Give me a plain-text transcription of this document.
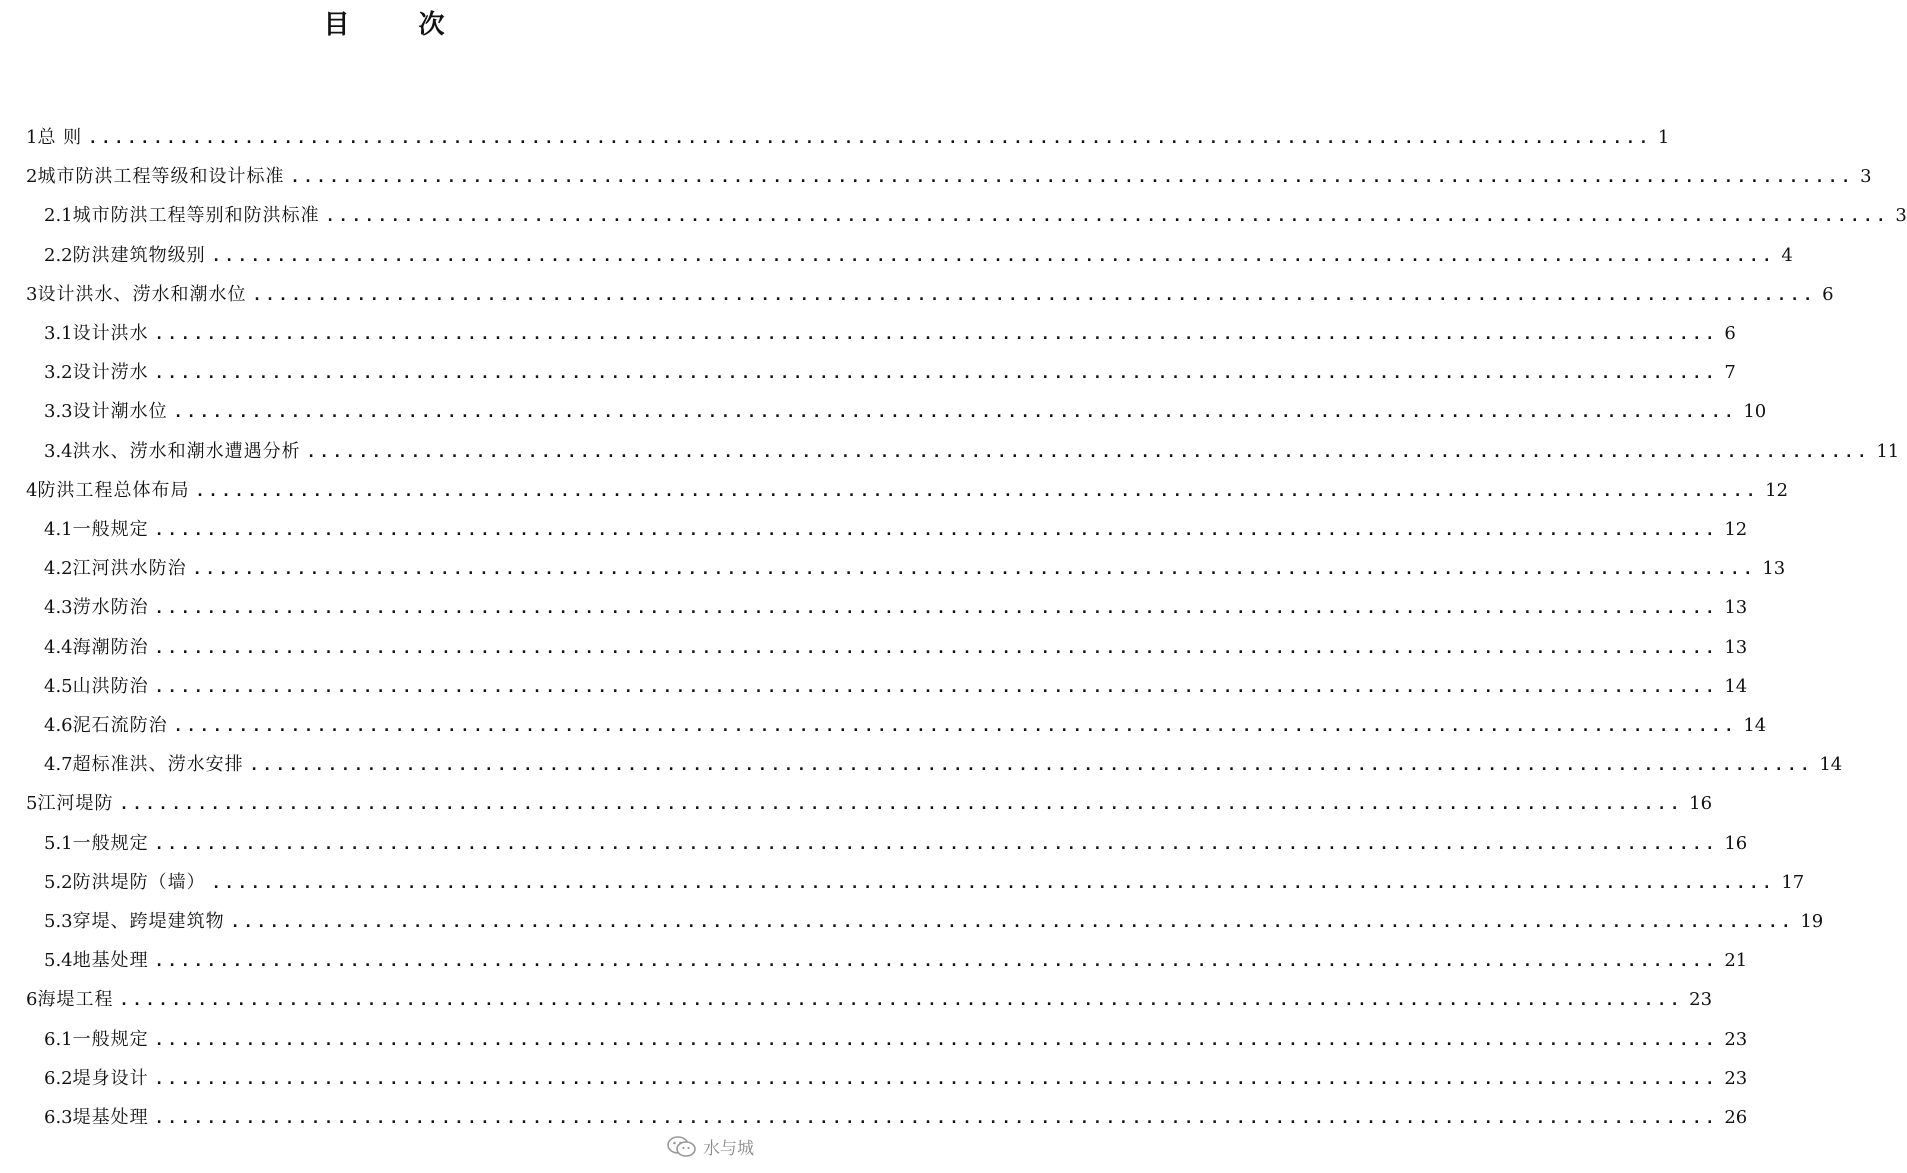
目 次
1 总 则 ........................................................................................................................ 1
2 城市防洪工程等级和设计标准 ........................................................................................................................ 3
2.1 城市防洪工程等别和防洪标准 ........................................................................................................................ 3
2.2 防洪建筑物级别 ........................................................................................................................ 4
3 设计洪水、涝水和潮水位 ........................................................................................................................ 6
3.1 设计洪水 ........................................................................................................................ 6
3.2 设计涝水 ........................................................................................................................ 7
3.3 设计潮水位 ........................................................................................................................ 10
3.4 洪水、涝水和潮水遭遇分析 ........................................................................................................................ 11
4 防洪工程总体布局 ........................................................................................................................ 12
4.1 一般规定 ........................................................................................................................ 12
4.2 江河洪水防治 ........................................................................................................................ 13
4.3 涝水防治 ........................................................................................................................ 13
4.4 海潮防治 ........................................................................................................................ 13
4.5 山洪防治 ........................................................................................................................ 14
4.6 泥石流防治 ........................................................................................................................ 14
4.7 超标准洪、涝水安排 ........................................................................................................................ 14
5 江河堤防 ........................................................................................................................ 16
5.1 一般规定 ........................................................................................................................ 16
5.2 防洪堤防（墙） ........................................................................................................................ 17
5.3 穿堤、跨堤建筑物 ........................................................................................................................ 19
5.4 地基处理 ........................................................................................................................ 21
6 海堤工程 ........................................................................................................................ 23
6.1 一般规定 ........................................................................................................................ 23
6.2 堤身设计 ........................................................................................................................ 23
6.3 堤基处理 ........................................................................................................................ 26
水与城
